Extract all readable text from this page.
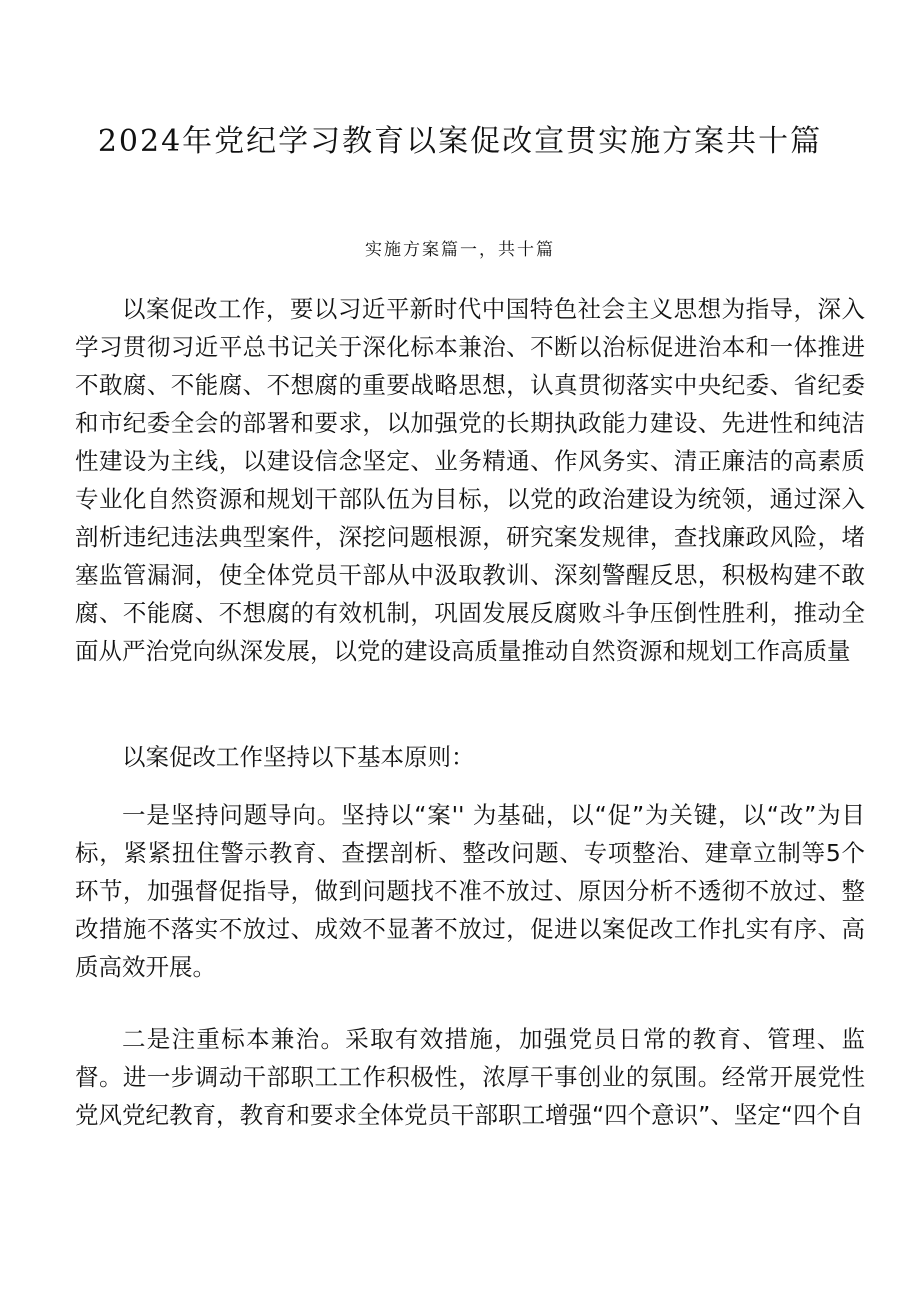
2024年党纪学习教育以案促改宣贯实施方案共十篇

实施方案篇一，共十篇

以案促改工作，要以习近平新时代中国特色社会主义思想为指导，深入学习贯彻习近平总书记关于深化标本兼治、不断以治标促进治本和一体推进不敢腐、不能腐、不想腐的重要战略思想，认真贯彻落实中央纪委、省纪委和市纪委全会的部署和要求，以加强党的长期执政能力建设、先进性和纯洁性建设为主线，以建设信念坚定、业务精通、作风务实、清正廉洁的高素质专业化自然资源和规划干部队伍为目标，以党的政治建设为统领，通过深入剖析违纪违法典型案件，深挖问题根源，研究案发规律，查找廉政风险，堵塞监管漏洞，使全体党员干部从中汲取教训、深刻警醒反思，积极构建不敢腐、不能腐、不想腐的有效机制，巩固发展反腐败斗争压倒性胜利，推动全面从严治党向纵深发展，以党的建设高质量推动自然资源和规划工作高质量

以案促改工作坚持以下基本原则：

一是坚持问题导向。坚持以“案'' 为基础，以“促”为关键，以“改”为目标，紧紧扭住警示教育、查摆剖析、整改问题、专项整治、建章立制等5个环节，加强督促指导，做到问题找不准不放过、原因分析不透彻不放过、整改措施不落实不放过、成效不显著不放过，促进以案促改工作扎实有序、高质高效开展。

二是注重标本兼治。采取有效措施，加强党员日常的教育、管理、监督。进一步调动干部职工工作积极性，浓厚干事创业的氛围。经常开展党性党风党纪教育，教育和要求全体党员干部职工增强“四个意识”、坚定“四个自
